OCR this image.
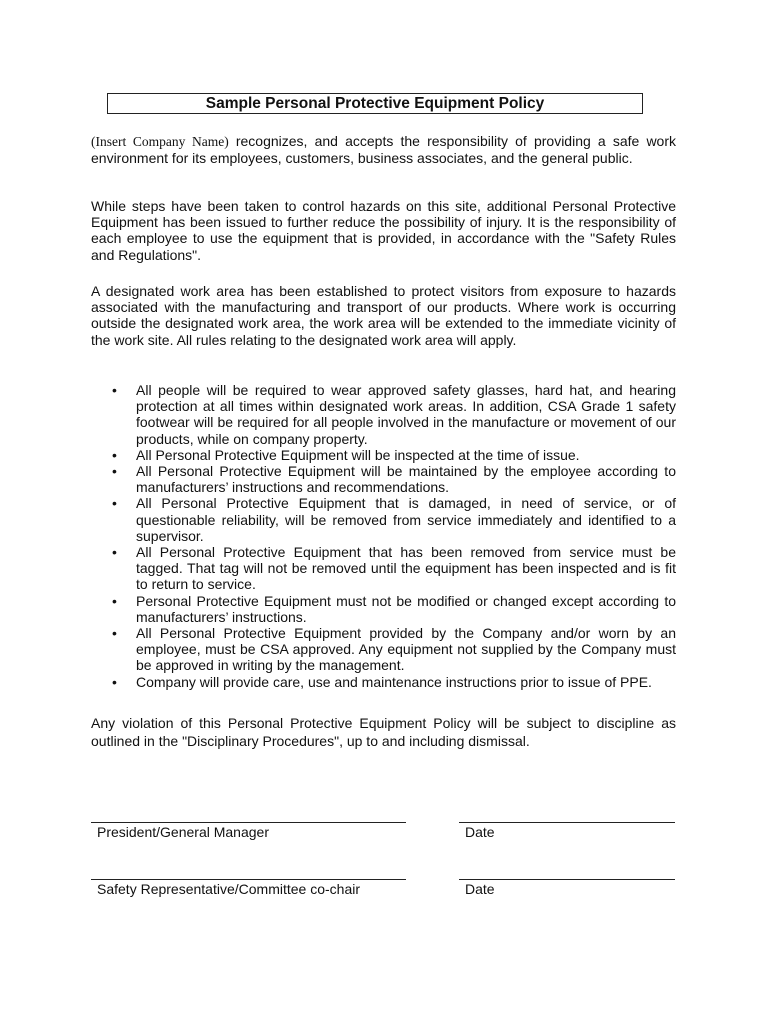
Sample Personal Protective Equipment Policy
(Insert Company Name) recognizes, and accepts the responsibility of providing a safe work environment for its employees, customers, business associates, and the general public.
While steps have been taken to control hazards on this site, additional Personal Protective Equipment has been issued to further reduce the possibility of injury. It is the responsibility of each employee to use the equipment that is provided, in accordance with the "Safety Rules and Regulations".
A designated work area has been established to protect visitors from exposure to hazards associated with the manufacturing and transport of our products. Where work is occurring outside the designated work area, the work area will be extended to the immediate vicinity of the work site. All rules relating to the designated work area will apply.
• All people will be required to wear approved safety glasses, hard hat, and hearing protection at all times within designated work areas. In addition, CSA Grade 1 safety footwear will be required for all people involved in the manufacture or movement of our products, while on company property.
• All Personal Protective Equipment will be inspected at the time of issue.
• All Personal Protective Equipment will be maintained by the employee according to manufacturers’ instructions and recommendations.
• All Personal Protective Equipment that is damaged, in need of service, or of questionable reliability, will be removed from service immediately and identified to a supervisor.
• All Personal Protective Equipment that has been removed from service must be tagged. That tag will not be removed until the equipment has been inspected and is fit to return to service.
• Personal Protective Equipment must not be modified or changed except according to manufacturers’ instructions.
• All Personal Protective Equipment provided by the Company and/or worn by an employee, must be CSA approved. Any equipment not supplied by the Company must be approved in writing by the management.
• Company will provide care, use and maintenance instructions prior to issue of PPE.
Any violation of this Personal Protective Equipment Policy will be subject to discipline as outlined in the "Disciplinary Procedures", up to and including dismissal.
President/General Manager	Date
Safety Representative/Committee co-chair	Date
